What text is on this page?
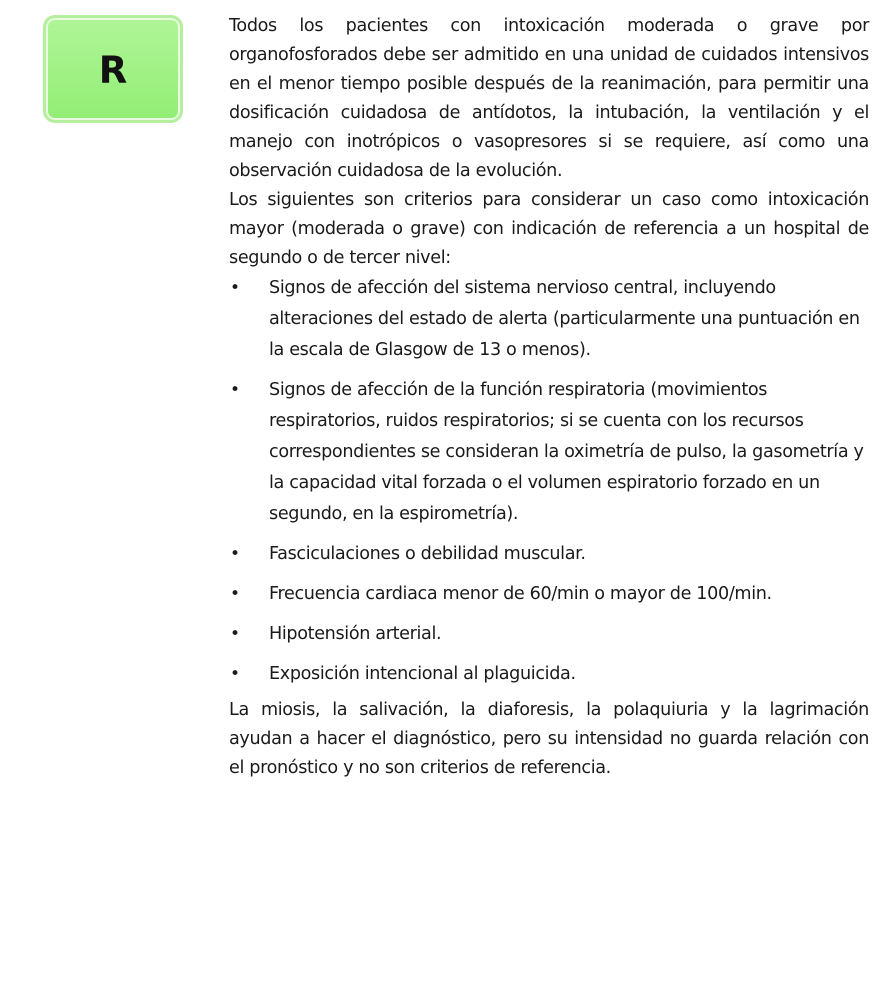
R

Todos los pacientes con intoxicación moderada o grave por organofosforados debe ser admitido en una unidad de cuidados intensivos en el menor tiempo posible después de la reanimación, para permitir una dosificación cuidadosa de antídotos, la intubación, la ventilación y el manejo con inotrópicos o vasopresores si se requiere, así como una observación cuidadosa de la evolución.

Los siguientes son criterios para considerar un caso como intoxicación mayor (moderada o grave) con indicación de referencia a un hospital de segundo o de tercer nivel:

• Signos de afección del sistema nervioso central, incluyendo alteraciones del estado de alerta (particularmente una puntuación en la escala de Glasgow de 13 o menos).
• Signos de afección de la función respiratoria (movimientos respiratorios, ruidos respiratorios; si se cuenta con los recursos correspondientes se consideran la oximetría de pulso, la gasometría y la capacidad vital forzada o el volumen espiratorio forzado en un segundo, en la espirometría).
• Fasciculaciones o debilidad muscular.
• Frecuencia cardiaca menor de 60/min o mayor de 100/min.
• Hipotensión arterial.
• Exposición intencional al plaguicida.

La miosis, la salivación, la diaforesis, la polaquiuria y la lagrimación ayudan a hacer el diagnóstico, pero su intensidad no guarda relación con el pronóstico y no son criterios de referencia.
